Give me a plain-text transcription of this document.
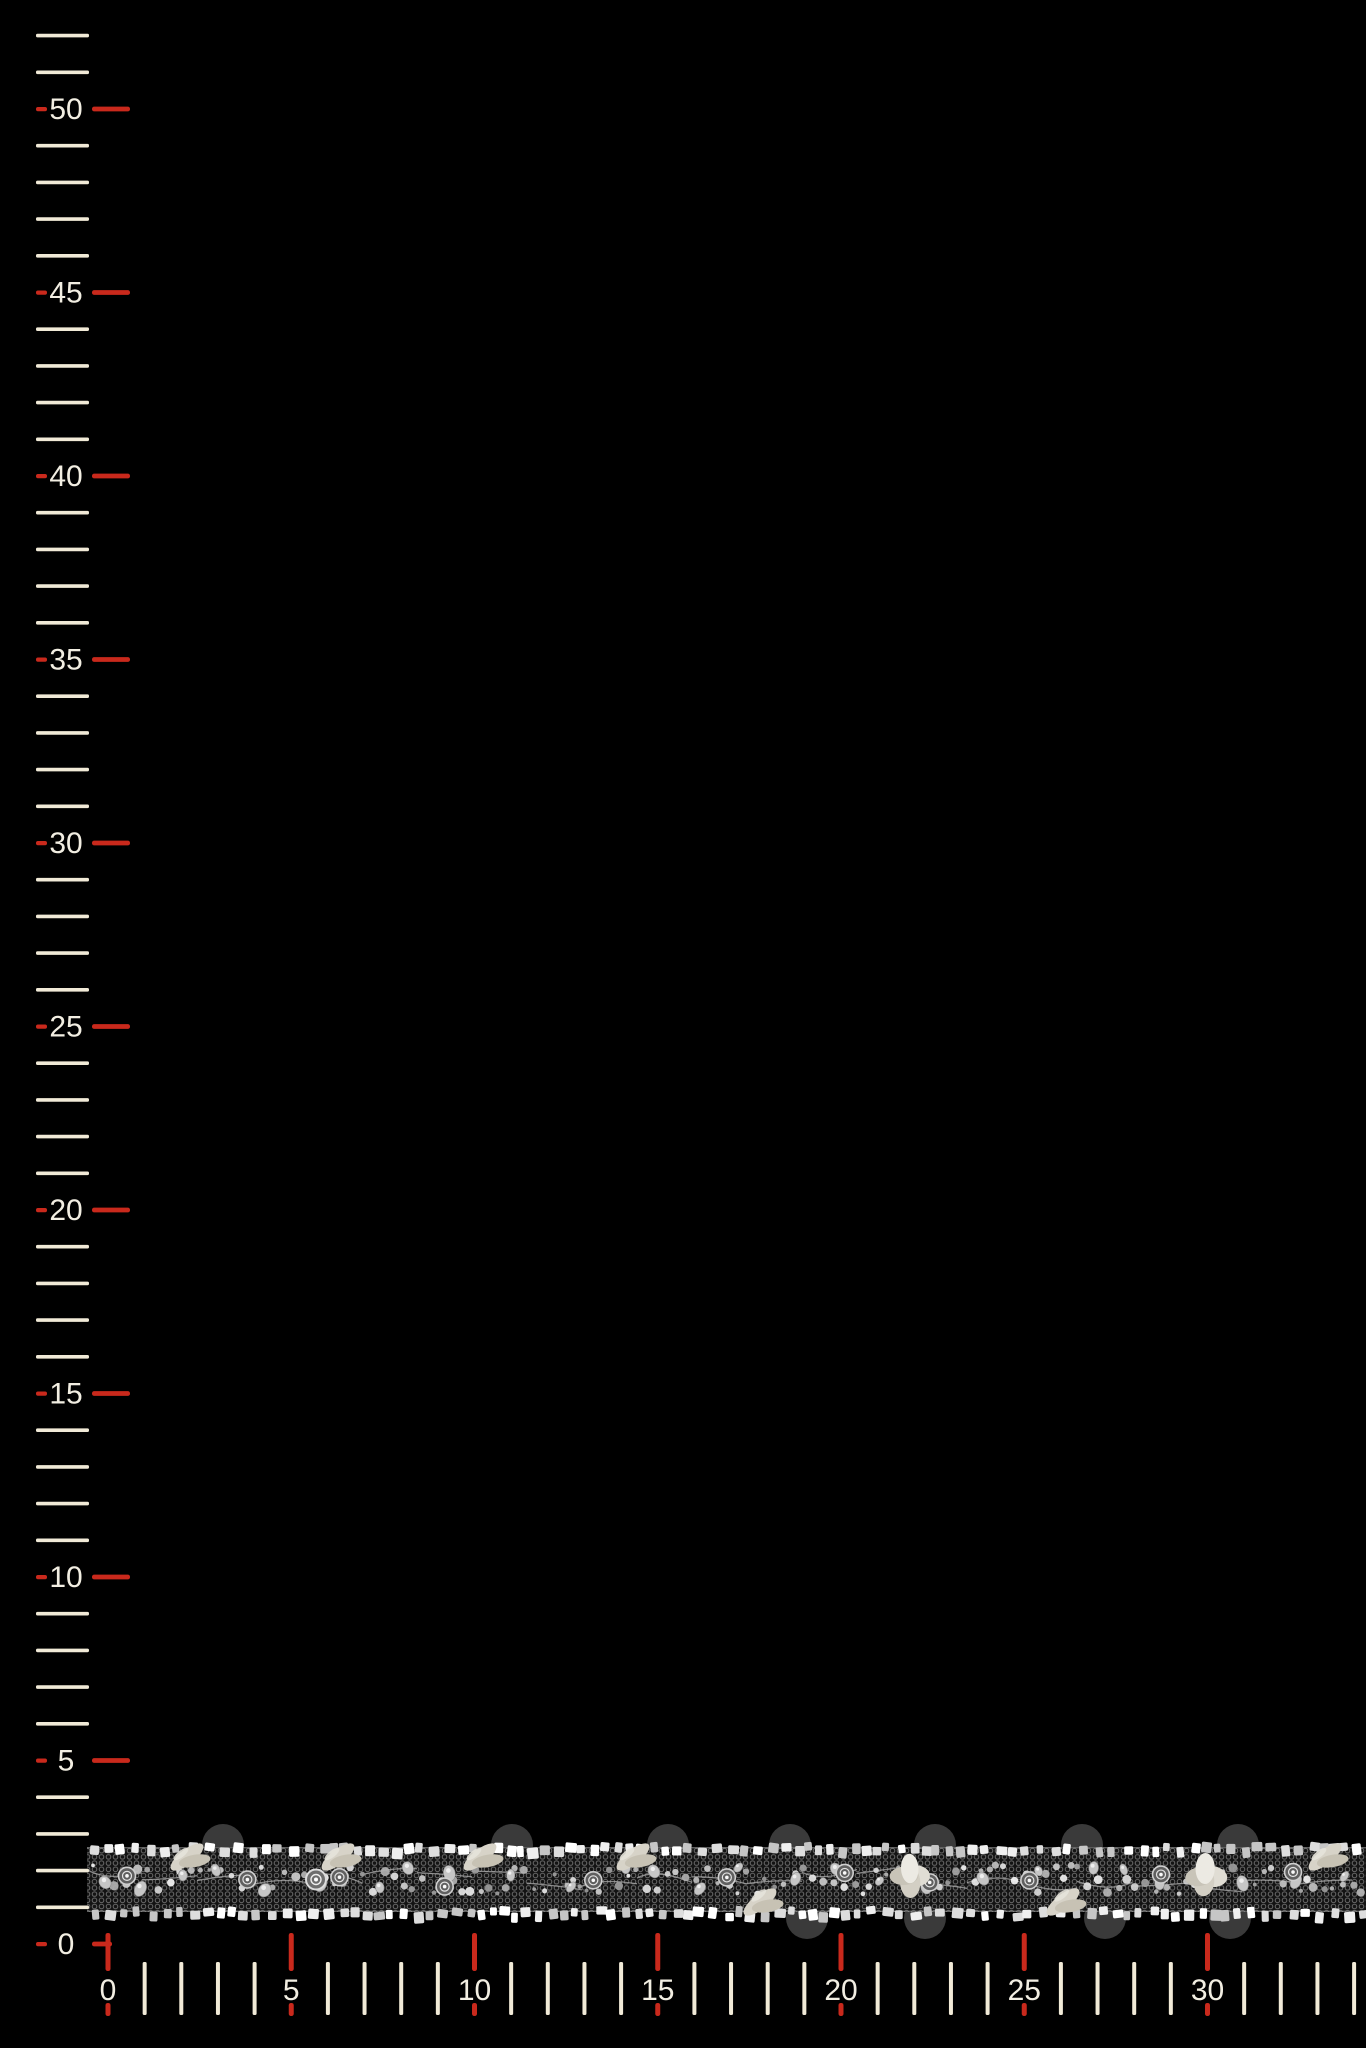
50
45
40
35
30
25
20
15
10
5
0
0	5	10	15	20	25	30
